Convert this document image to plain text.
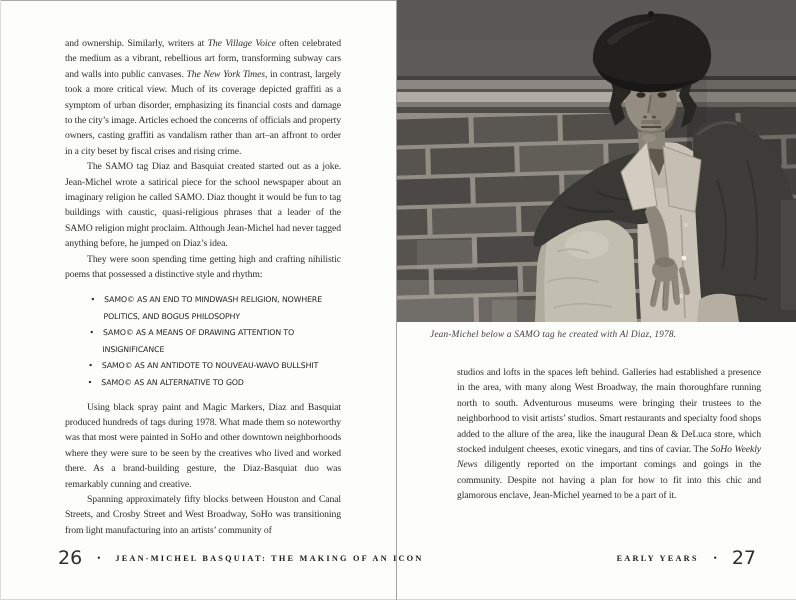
and ownership. Similarly, writers at The Village Voice often celebrated the medium as a vibrant, rebellious art form, transforming subway cars and walls into public canvases. The New York Times, in contrast, largely took a more critical view. Much of its coverage depicted graffiti as a symptom of urban disorder, emphasizing its financial costs and damage to the city’s image. Articles echoed the concerns of officials and property owners, casting graffiti as vandalism rather than art–an affront to order in a city beset by fiscal crises and rising crime.

The SAMO tag Diaz and Basquiat created started out as a joke. Jean-Michel wrote a satirical piece for the school newspaper about an imaginary religion he called SAMO. Diaz thought it would be fun to tag buildings with caustic, quasi-religious phrases that a leader of the SAMO religion might proclaim. Although Jean-Michel had never tagged anything before, he jumped on Diaz’s idea.

They were soon spending time getting high and crafting nihilistic poems that possessed a distinctive style and rhythm:

• SAMO© AS AN END TO MINDWASH RELIGION, NOWHERE POLITICS, AND BOGUS PHILOSOPHY
• SAMO© AS A MEANS OF DRAWING ATTENTION TO INSIGNIFICANCE
• SAMO© AS AN ANTIDOTE TO NOUVEAU-WAVO BULLSHIT
• SAMO© AS AN ALTERNATIVE TO GOD

Using black spray paint and Magic Markers, Diaz and Basquiat produced hundreds of tags during 1978. What made them so noteworthy was that most were painted in SoHo and other downtown neighborhoods where they were sure to be seen by the creatives who lived and worked there. As a brand-building gesture, the Diaz-Basquiat duo was remarkably cunning and creative.

Spanning approximately fifty blocks between Houston and Canal Streets, and Crosby Street and West Broadway, SoHo was transitioning from light manufacturing into an artists’ community of

Jean-Michel below a SAMO tag he created with Al Diaz, 1978.

studios and lofts in the spaces left behind. Galleries had established a presence in the area, with many along West Broadway, the main thoroughfare running north to south. Adventurous museums were bringing their trustees to the neighborhood to visit artists’ studios. Smart restaurants and specialty food shops added to the allure of the area, like the inaugural Dean & DeLuca store, which stocked indulgent cheeses, exotic vinegars, and tins of caviar. The SoHo Weekly News diligently reported on the important comings and goings in the community. Despite not having a plan for how to fit into this chic and glamorous enclave, Jean-Michel yearned to be a part of it.

26 • JEAN-MICHEL BASQUIAT: THE MAKING OF AN ICON	EARLY YEARS • 27
